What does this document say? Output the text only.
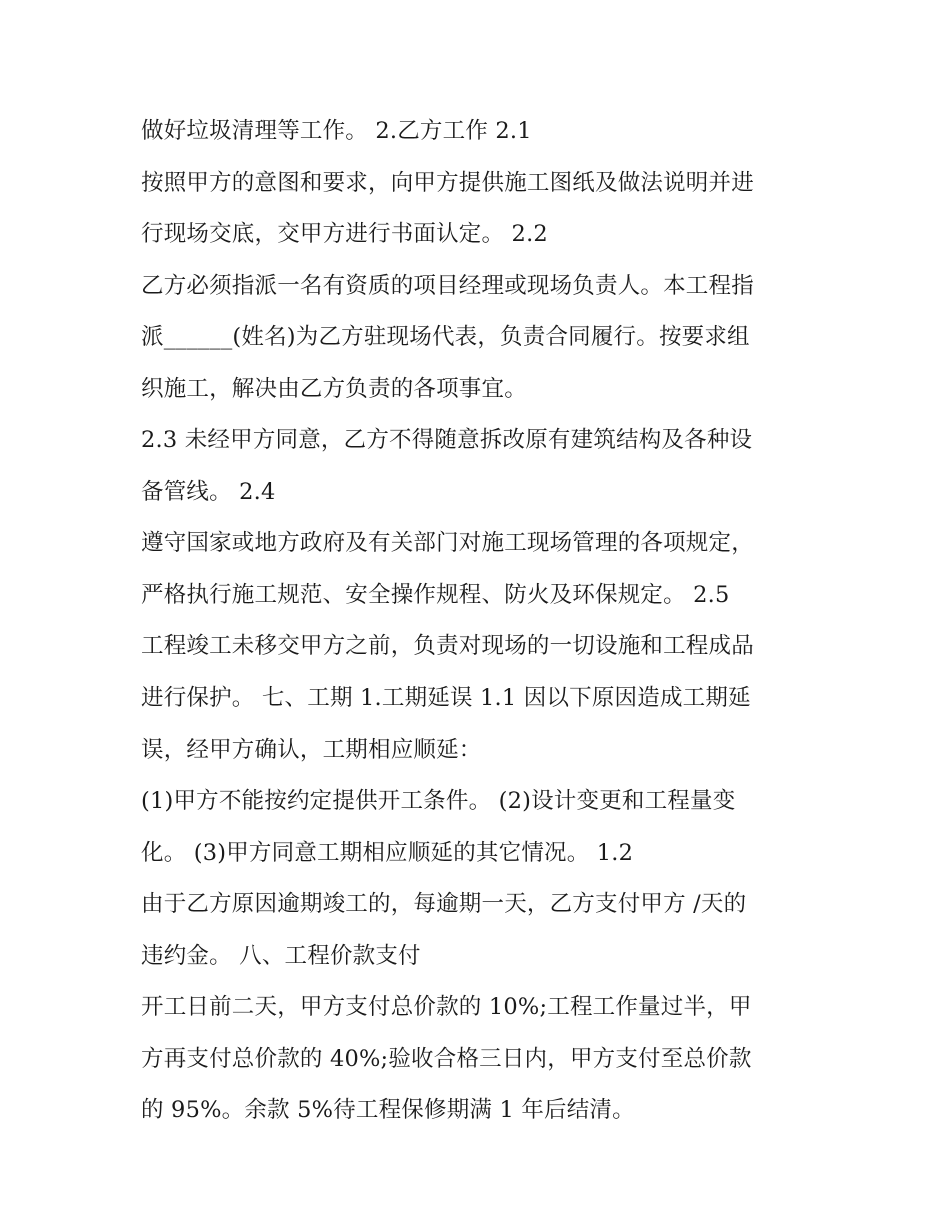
做好垃圾清理等工作。 2.乙方工作 2.1
按照甲方的意图和要求，向甲方提供施工图纸及做法说明并进
行现场交底，交甲方进行书面认定。 2.2
乙方必须指派一名有资质的项目经理或现场负责人。本工程指
派______(姓名)为乙方驻现场代表，负责合同履行。按要求组
织施工，解决由乙方负责的各项事宜。
2.3 未经甲方同意，乙方不得随意拆改原有建筑结构及各种设
备管线。 2.4
遵守国家或地方政府及有关部门对施工现场管理的各项规定，
严格执行施工规范、安全操作规程、防火及环保规定。 2.5
工程竣工未移交甲方之前，负责对现场的一切设施和工程成品
进行保护。 七、工期 1.工期延误 1.1 因以下原因造成工期延
误，经甲方确认，工期相应顺延：
(1)甲方不能按约定提供开工条件。 (2)设计变更和工程量变
化。 (3)甲方同意工期相应顺延的其它情况。 1.2
由于乙方原因逾期竣工的，每逾期一天，乙方支付甲方 /天的
违约金。 八、工程价款支付
开工日前二天，甲方支付总价款的 10%;工程工作量过半，甲
方再支付总价款的 40%;验收合格三日内，甲方支付至总价款
的 95%。余款 5%待工程保修期满 1 年后结清。
